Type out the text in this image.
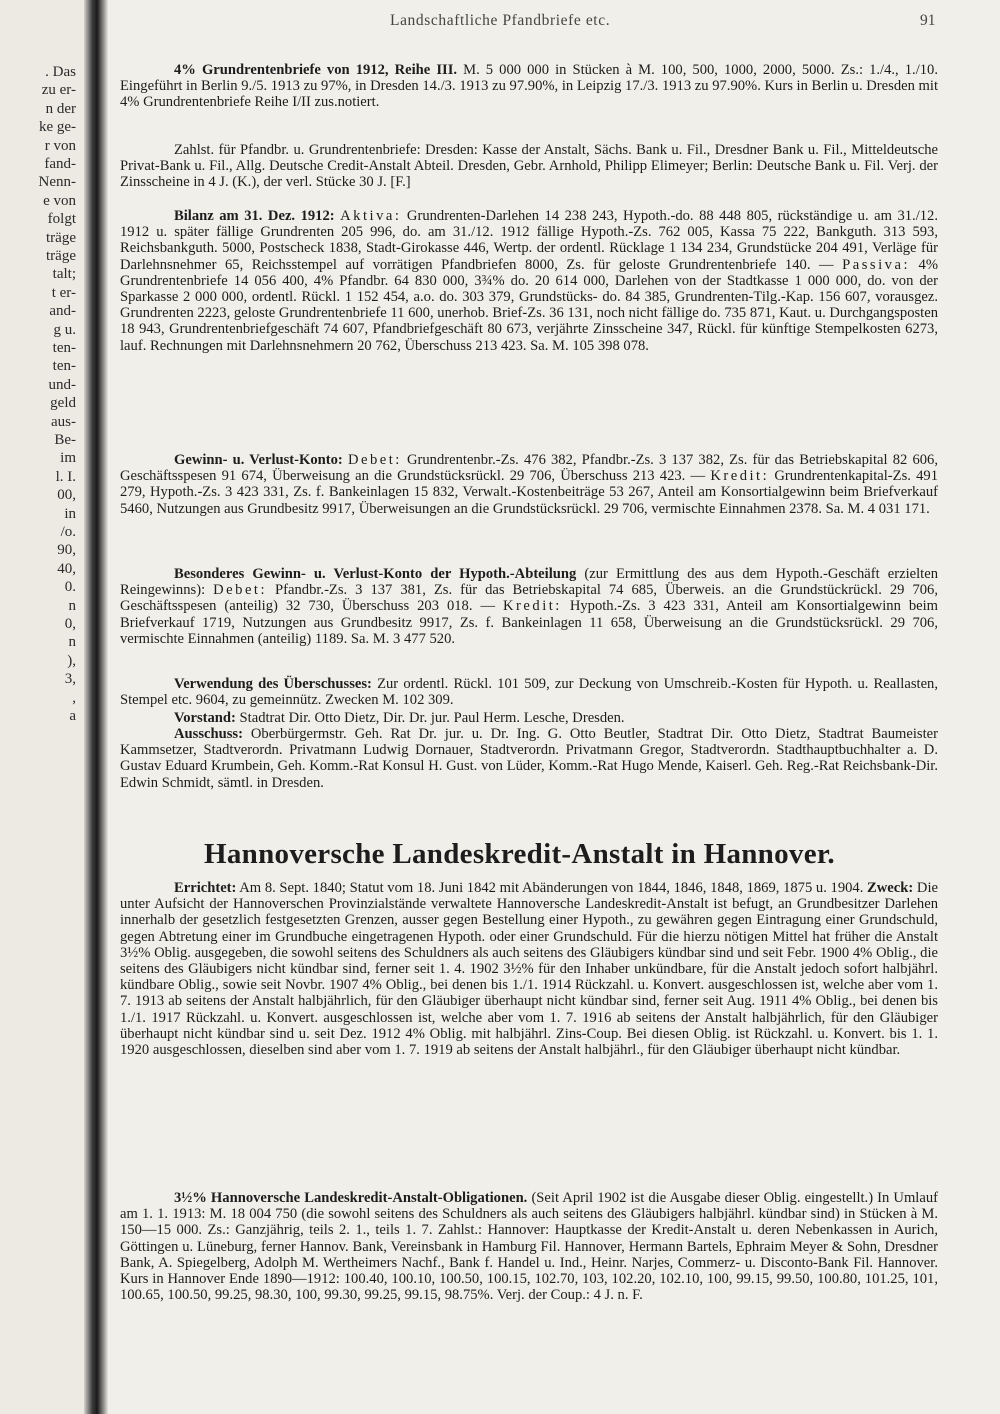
. Das
zu er-
n der
ke ge-
r von
fand-
Nenn-
e von
folgt
träge
träge
talt;
t er-
and-
g u.
ten-
ten-
und-
geld
aus-
Be-
im
l. I.
00,
in
/o.
90,
40,
0.
n
0,
n
),
3,
,
a
Landschaftliche Pfandbriefe etc.	91

4% Grundrentenbriefe von 1912, Reihe III. M. 5 000 000 in Stücken à M. 100, 500, 1000, 2000, 5000. Zs.: 1./4., 1./10. Eingeführt in Berlin 9./5. 1913 zu 97%, in Dresden 14./3. 1913 zu 97.90%, in Leipzig 17./3. 1913 zu 97.90%. Kurs in Berlin u. Dresden mit 4% Grundrentenbriefe Reihe I/II zus.notiert.

Zahlst. für Pfandbr. u. Grundrentenbriefe: Dresden: Kasse der Anstalt, Sächs. Bank u. Fil., Dresdner Bank u. Fil., Mitteldeutsche Privat-Bank u. Fil., Allg. Deutsche Credit-Anstalt Abteil. Dresden, Gebr. Arnhold, Philipp Elimeyer; Berlin: Deutsche Bank u. Fil. Verj. der Zinsscheine in 4 J. (K.), der verl. Stücke 30 J. [F.]

Bilanz am 31. Dez. 1912: Aktiva: Grundrenten-Darlehen 14 238 243, Hypoth.-do. 88 448 805, rückständige u. am 31./12. 1912 u. später fällige Grundrenten 205 996, do. am 31./12. 1912 fällige Hypoth.-Zs. 762 005, Kassa 75 222, Bankguth. 313 593, Reichsbankguth. 5000, Postscheck 1838, Stadt-Girokasse 446, Wertp. der ordentl. Rücklage 1 134 234, Grundstücke 204 491, Verläge für Darlehnsnehmer 65, Reichsstempel auf vorrätigen Pfandbriefen 8000, Zs. für geloste Grundrentenbriefe 140. — Passiva: 4% Grundrentenbriefe 14 056 400, 4% Pfandbr. 64 830 000, 3¾% do. 20 614 000, Darlehen von der Stadtkasse 1 000 000, do. von der Sparkasse 2 000 000, ordentl. Rückl. 1 152 454, a.o. do. 303 379, Grundstücks- do. 84 385, Grundrenten-Tilg.-Kap. 156 607, vorausgez. Grundrenten 2223, geloste Grundrentenbriefe 11 600, unerhob. Brief-Zs. 36 131, noch nicht fällige do. 735 871, Kaut. u. Durchgangsposten 18 943, Grundrentenbriefgeschäft 74 607, Pfandbriefgeschäft 80 673, verjährte Zinsscheine 347, Rückl. für künftige Stempelkosten 6273, lauf. Rechnungen mit Darlehnsnehmern 20 762, Überschuss 213 423. Sa. M. 105 398 078.

Gewinn- u. Verlust-Konto: Debet: Grundrentenbr.-Zs. 476 382, Pfandbr.-Zs. 3 137 382, Zs. für das Betriebskapital 82 606, Geschäftsspesen 91 674, Überweisung an die Grundstücksrückl. 29 706, Überschuss 213 423. — Kredit: Grundrentenkapital-Zs. 491 279, Hypoth.-Zs. 3 423 331, Zs. f. Bankeinlagen 15 832, Verwalt.-Kostenbeiträge 53 267, Anteil am Konsortialgewinn beim Briefverkauf 5460, Nutzungen aus Grundbesitz 9917, Überweisungen an die Grundstücksrückl. 29 706, vermischte Einnahmen 2378. Sa. M. 4 031 171.

Besonderes Gewinn- u. Verlust-Konto der Hypoth.-Abteilung (zur Ermittlung des aus dem Hypoth.-Geschäft erzielten Reingewinns): Debet: Pfandbr.-Zs. 3 137 381, Zs. für das Betriebskapital 74 685, Überweis. an die Grundstückrückl. 29 706, Geschäftsspesen (anteilig) 32 730, Überschuss 203 018. — Kredit: Hypoth.-Zs. 3 423 331, Anteil am Konsortialgewinn beim Briefverkauf 1719, Nutzungen aus Grundbesitz 9917, Zs. f. Bankeinlagen 11 658, Überweisung an die Grundstücksrückl. 29 706, vermischte Einnahmen (anteilig) 1189. Sa. M. 3 477 520.

Verwendung des Überschusses: Zur ordentl. Rückl. 101 509, zur Deckung von Umschreib.-Kosten für Hypoth. u. Reallasten, Stempel etc. 9604, zu gemeinnütz. Zwecken M. 102 309.

Vorstand: Stadtrat Dir. Otto Dietz, Dir. Dr. jur. Paul Herm. Lesche, Dresden.

Ausschuss: Oberbürgermstr. Geh. Rat Dr. jur. u. Dr. Ing. G. Otto Beutler, Stadtrat Dir. Otto Dietz, Stadtrat Baumeister Kammsetzer, Stadtverordn. Privatmann Ludwig Dornauer, Stadtverordn. Privatmann Gregor, Stadtverordn. Stadthauptbuchhalter a. D. Gustav Eduard Krumbein, Geh. Komm.-Rat Konsul H. Gust. von Lüder, Komm.-Rat Hugo Mende, Kaiserl. Geh. Reg.-Rat Reichsbank-Dir. Edwin Schmidt, sämtl. in Dresden.

Hannoversche Landeskredit-Anstalt in Hannover.

Errichtet: Am 8. Sept. 1840; Statut vom 18. Juni 1842 mit Abänderungen von 1844, 1846, 1848, 1869, 1875 u. 1904. Zweck: Die unter Aufsicht der Hannoverschen Provinzialstände verwaltete Hannoversche Landeskredit-Anstalt ist befugt, an Grundbesitzer Darlehen innerhalb der gesetzlich festgesetzten Grenzen, ausser gegen Bestellung einer Hypoth., zu gewähren gegen Eintragung einer Grundschuld, gegen Abtretung einer im Grundbuche eingetragenen Hypoth. oder einer Grundschuld. Für die hierzu nötigen Mittel hat früher die Anstalt 3½% Oblig. ausgegeben, die sowohl seitens des Schuldners als auch seitens des Gläubigers kündbar sind und seit Febr. 1900 4% Oblig., die seitens des Gläubigers nicht kündbar sind, ferner seit 1. 4. 1902 3½% für den Inhaber unkündbare, für die Anstalt jedoch sofort halbjährl. kündbare Oblig., sowie seit Novbr. 1907 4% Oblig., bei denen bis 1./1. 1914 Rückzahl. u. Konvert. ausgeschlossen ist, welche aber vom 1. 7. 1913 ab seitens der Anstalt halbjährlich, für den Gläubiger überhaupt nicht kündbar sind, ferner seit Aug. 1911 4% Oblig., bei denen bis 1./1. 1917 Rückzahl. u. Konvert. ausgeschlossen ist, welche aber vom 1. 7. 1916 ab seitens der Anstalt halbjährlich, für den Gläubiger überhaupt nicht kündbar sind u. seit Dez. 1912 4% Oblig. mit halbjährl. Zins-Coup. Bei diesen Oblig. ist Rückzahl. u. Konvert. bis 1. 1. 1920 ausgeschlossen, dieselben sind aber vom 1. 7. 1919 ab seitens der Anstalt halbjährl., für den Gläubiger überhaupt nicht kündbar.

3½% Hannoversche Landeskredit-Anstalt-Obligationen. (Seit April 1902 ist die Ausgabe dieser Oblig. eingestellt.) In Umlauf am 1. 1. 1913: M. 18 004 750 (die sowohl seitens des Schuldners als auch seitens des Gläubigers halbjährl. kündbar sind) in Stücken à M. 150—15 000. Zs.: Ganzjährig, teils 2. 1., teils 1. 7. Zahlst.: Hannover: Hauptkasse der Kredit-Anstalt u. deren Nebenkassen in Aurich, Göttingen u. Lüneburg, ferner Hannov. Bank, Vereinsbank in Hamburg Fil. Hannover, Hermann Bartels, Ephraim Meyer & Sohn, Dresdner Bank, A. Spiegelberg, Adolph M. Wertheimers Nachf., Bank f. Handel u. Ind., Heinr. Narjes, Commerz- u. Disconto-Bank Fil. Hannover. Kurs in Hannover Ende 1890—1912: 100.40, 100.10, 100.50, 100.15, 102.70, 103, 102.20, 102.10, 100, 99.15, 99.50, 100.80, 101.25, 101, 100.65, 100.50, 99.25, 98.30, 100, 99.30, 99.25, 99.15, 98.75%. Verj. der Coup.: 4 J. n. F.
